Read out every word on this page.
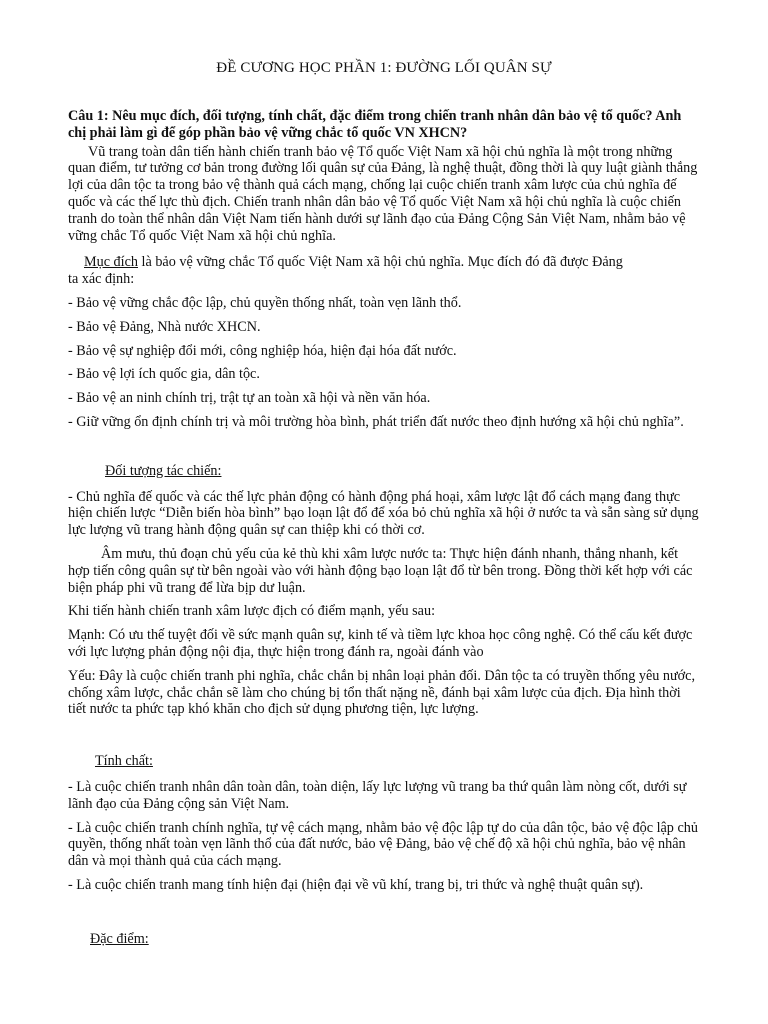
ĐỀ CƯƠNG HỌC PHẦN 1: ĐƯỜNG LỐI QUÂN SỰ

Câu 1: Nêu mục đích, đối tượng, tính chất, đặc điểm trong chiến tranh nhân dân bảo vệ tổ quốc? Anh chị phải làm gì để góp phần bảo vệ vững chắc tổ quốc VN XHCN?

Vũ trang toàn dân tiến hành chiến tranh bảo vệ Tổ quốc Việt Nam xã hội chủ nghĩa là một trong những quan điểm, tư tưởng cơ bản trong đường lối quân sự của Đảng, là nghệ thuật, đồng thời là quy luật giành thắng lợi của dân tộc ta trong bảo vệ thành quả cách mạng, chống lại cuộc chiến tranh xâm lược của chủ nghĩa đế quốc và các thế lực thù địch. Chiến tranh nhân dân bảo vệ Tổ quốc Việt Nam xã hội chủ nghĩa là cuộc chiến tranh do toàn thể nhân dân Việt Nam tiến hành dưới sự lãnh đạo của Đảng Cộng Sản Việt Nam, nhằm bảo vệ vững chắc Tổ quốc Việt Nam xã hội chủ nghĩa.

Mục đích là bảo vệ vững chắc Tổ quốc Việt Nam xã hội chủ nghĩa. Mục đích đó đã được Đảng
ta xác định:

- Bảo vệ vững chắc độc lập, chủ quyền thống nhất, toàn vẹn lãnh thổ.

- Bảo vệ Đảng, Nhà nước XHCN.

- Bảo vệ sự nghiệp đổi mới, công nghiệp hóa, hiện đại hóa đất nước.

- Bảo vệ lợi ích quốc gia, dân tộc.

- Bảo vệ an ninh chính trị, trật tự an toàn xã hội và nền văn hóa.

- Giữ vững ổn định chính trị và môi trường hòa bình, phát triển đất nước theo định hướng xã hội chủ nghĩa”.

Đối tượng tác chiến:

- Chủ nghĩa đế quốc và các thế lực phản động có hành động phá hoại, xâm lược lật đổ cách mạng đang thực hiện chiến lược “Diễn biến hòa bình” bạo loạn lật đổ để xóa bỏ chủ nghĩa xã hội ở nước ta và sẵn sàng sử dụng lực lượng vũ trang hành động quân sự can thiệp khi có thời cơ.

Âm mưu, thủ đoạn chủ yếu của kẻ thù khi xâm lược nước ta: Thực hiện đánh nhanh, thắng nhanh, kết hợp tiến công quân sự từ bên ngoài vào với hành động bạo loạn lật đổ từ bên trong. Đồng thời kết hợp với các biện pháp phi vũ trang để lừa bịp dư luận.

Khi tiến hành chiến tranh xâm lược địch có điểm mạnh, yếu sau:

Mạnh: Có ưu thế tuyệt đối về sức mạnh quân sự, kinh tế và tiềm lực khoa học công nghệ. Có thể cấu kết được với lực lượng phản động nội địa, thực hiện trong đánh ra, ngoài đánh vào

Yếu: Đây là cuộc chiến tranh phi nghĩa, chắc chắn bị nhân loại phản đối. Dân tộc ta có truyền thống yêu nước, chống xâm lược, chắc chắn sẽ làm cho chúng bị tổn thất nặng nề, đánh bại xâm lược của địch. Địa hình thời tiết nước ta phức tạp khó khăn cho địch sử dụng phương tiện, lực lượng.

Tính chất:

- Là cuộc chiến tranh nhân dân toàn dân, toàn diện, lấy lực lượng vũ trang ba thứ quân làm nòng cốt, dưới sự lãnh đạo của Đảng cộng sản Việt Nam.

- Là cuộc chiến tranh chính nghĩa, tự vệ cách mạng, nhằm bảo vệ độc lập tự do của dân tộc, bảo vệ độc lập chủ quyền, thống nhất toàn vẹn lãnh thổ của đất nước, bảo vệ Đảng, bảo vệ chế độ xã hội chủ nghĩa, bảo vệ nhân dân và mọi thành quả của cách mạng.

- Là cuộc chiến tranh mang tính hiện đại (hiện đại về vũ khí, trang bị, tri thức và nghệ thuật quân sự).

Đặc điểm:
